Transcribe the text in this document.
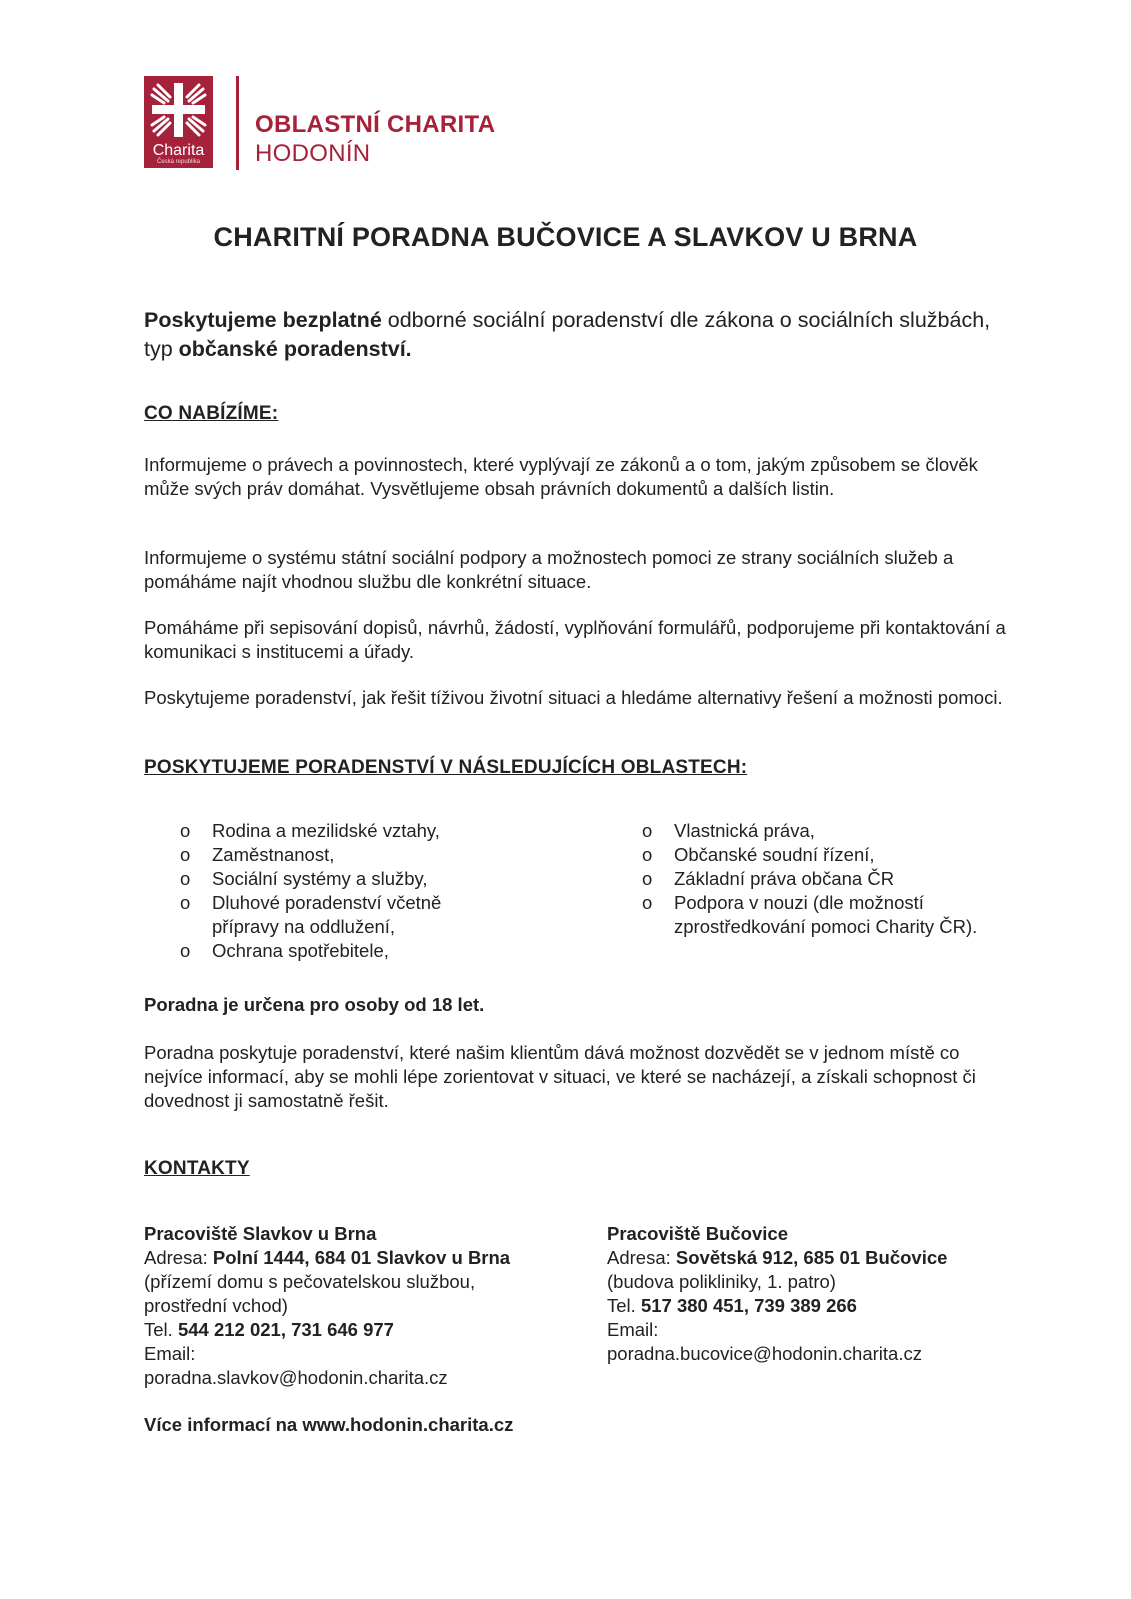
Charita
Česká republika
OBLASTNÍ CHARITA
HODONÍN
CHARITNÍ PORADNA BUČOVICE A SLAVKOV U BRNA
Poskytujeme bezplatné odborné sociální poradenství dle zákona o sociálních službách, typ občanské poradenství.
CO NABÍZÍME:
Informujeme o právech a povinnostech, které vyplývají ze zákonů a o tom, jakým způsobem se člověk může svých práv domáhat. Vysvětlujeme obsah právních dokumentů a dalších listin.
Informujeme o systému státní sociální podpory a možnostech pomoci ze strany sociálních služeb a pomáháme najít vhodnou službu dle konkrétní situace.
Pomáháme při sepisování dopisů, návrhů, žádostí, vyplňování formulářů, podporujeme při kontaktování a komunikaci s institucemi a úřady.
Poskytujeme poradenství, jak řešit tíživou životní situaci a hledáme alternativy řešení a možnosti pomoci.
POSKYTUJEME PORADENSTVÍ V NÁSLEDUJÍCÍCH OBLASTECH:
o Rodina a mezilidské vztahy,
o Zaměstnanost,
o Sociální systémy a služby,
o Dluhové poradenství včetně přípravy na oddlužení,
o Ochrana spotřebitele,
o Vlastnická práva,
o Občanské soudní řízení,
o Základní práva občana ČR
o Podpora v nouzi (dle možností zprostředkování pomoci Charity ČR).
Poradna je určena pro osoby od 18 let.
Poradna poskytuje poradenství, které našim klientům dává možnost dozvědět se v jednom místě co nejvíce informací, aby se mohli lépe zorientovat v situaci, ve které se nacházejí, a získali schopnost či dovednost ji samostatně řešit.
KONTAKTY
Pracoviště Slavkov u Brna
Adresa: Polní 1444, 684 01 Slavkov u Brna (přízemí domu s pečovatelskou službou, prostřední vchod)
Tel. 544 212 021, 731 646 977
Email:
poradna.slavkov@hodonin.charita.cz
Pracoviště Bučovice
Adresa: Sovětská 912, 685 01 Bučovice
(budova polikliniky, 1. patro)
Tel. 517 380 451, 739 389 266
Email:
poradna.bucovice@hodonin.charita.cz
Více informací na www.hodonin.charita.cz
